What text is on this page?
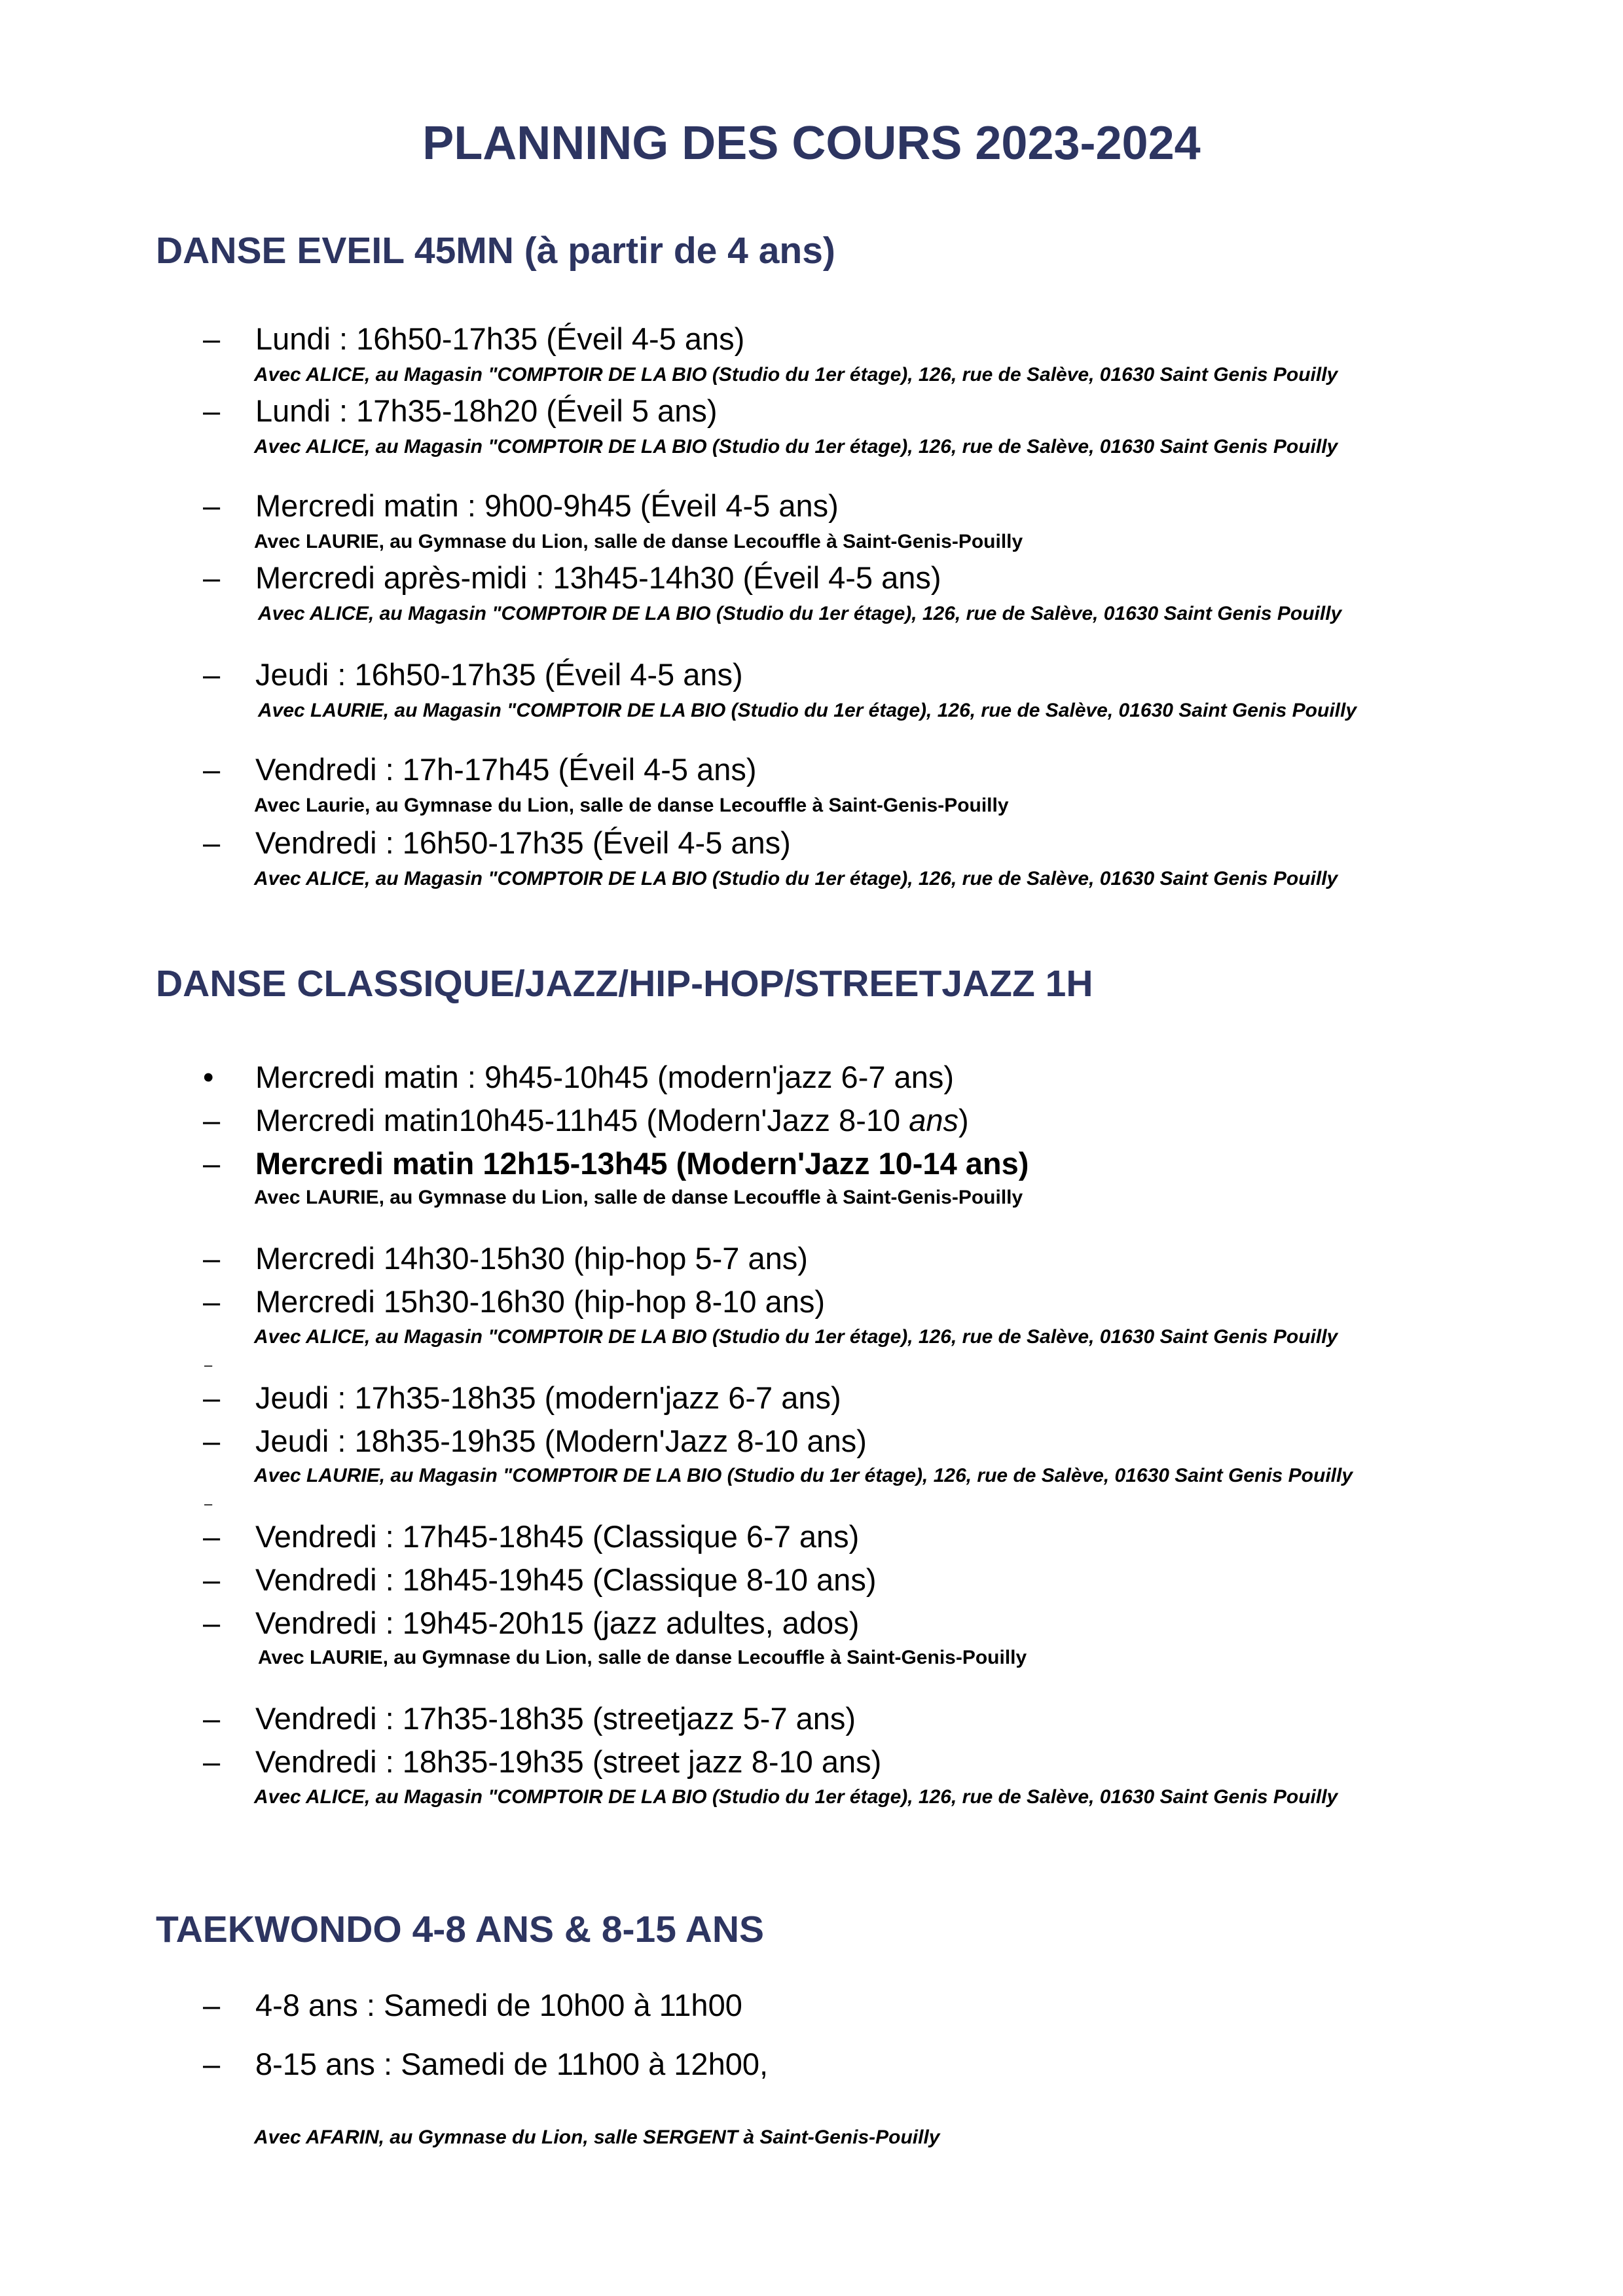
PLANNING DES COURS 2023-2024
DANSE EVEIL 45MN (à partir de 4 ans)
–	Lundi : 16h50-17h35 (Éveil 4-5 ans)
Avec ALICE, au Magasin "COMPTOIR DE LA BIO (Studio du 1er étage), 126, rue de Salève, 01630 Saint Genis Pouilly
–	Lundi : 17h35-18h20 (Éveil 5 ans)
Avec ALICE, au Magasin "COMPTOIR DE LA BIO (Studio du 1er étage), 126, rue de Salève, 01630 Saint Genis Pouilly
–	Mercredi matin : 9h00-9h45 (Éveil 4-5 ans)
Avec LAURIE, au Gymnase du Lion, salle de danse Lecouffle à Saint-Genis-Pouilly
–	Mercredi après-midi : 13h45-14h30 (Éveil 4-5 ans)
Avec ALICE, au Magasin "COMPTOIR DE LA BIO (Studio du 1er étage), 126, rue de Salève, 01630 Saint Genis Pouilly
–	Jeudi : 16h50-17h35 (Éveil 4-5 ans)
Avec LAURIE, au Magasin "COMPTOIR DE LA BIO (Studio du 1er étage), 126, rue de Salève, 01630 Saint Genis Pouilly
–	Vendredi : 17h-17h45 (Éveil 4-5 ans)
Avec Laurie, au Gymnase du Lion, salle de danse Lecouffle à Saint-Genis-Pouilly
–	Vendredi : 16h50-17h35 (Éveil 4-5 ans)
Avec ALICE, au Magasin "COMPTOIR DE LA BIO (Studio du 1er étage), 126, rue de Salève, 01630 Saint Genis Pouilly
DANSE CLASSIQUE/JAZZ/HIP-HOP/STREETJAZZ 1H
•	Mercredi matin : 9h45-10h45 (modern'jazz 6-7 ans)
–	Mercredi matin10h45-11h45 (Modern'Jazz 8-10 ans)
–	Mercredi matin 12h15-13h45 (Modern'Jazz 10-14 ans)
Avec LAURIE, au Gymnase du Lion, salle de danse Lecouffle à Saint-Genis-Pouilly
–	Mercredi 14h30-15h30 (hip-hop 5-7 ans)
–	Mercredi 15h30-16h30 (hip-hop 8-10 ans)
Avec ALICE, au Magasin "COMPTOIR DE LA BIO (Studio du 1er étage), 126, rue de Salève, 01630 Saint Genis Pouilly
–
–	Jeudi : 17h35-18h35 (modern'jazz 6-7 ans)
–	Jeudi : 18h35-19h35 (Modern'Jazz 8-10 ans)
Avec LAURIE, au Magasin "COMPTOIR DE LA BIO (Studio du 1er étage), 126, rue de Salève, 01630 Saint Genis Pouilly
–
–	Vendredi : 17h45-18h45 (Classique 6-7 ans)
–	Vendredi : 18h45-19h45 (Classique 8-10 ans)
–	Vendredi : 19h45-20h15 (jazz adultes, ados)
Avec LAURIE, au Gymnase du Lion, salle de danse Lecouffle à Saint-Genis-Pouilly
–	Vendredi : 17h35-18h35 (streetjazz 5-7 ans)
–	Vendredi : 18h35-19h35 (street jazz 8-10 ans)
Avec ALICE, au Magasin "COMPTOIR DE LA BIO (Studio du 1er étage), 126, rue de Salève, 01630 Saint Genis Pouilly
TAEKWONDO 4-8 ANS & 8-15 ANS
–	4-8 ans : Samedi de 10h00 à 11h00
–	8-15 ans : Samedi de 11h00 à 12h00,
Avec AFARIN, au Gymnase du Lion, salle SERGENT à Saint-Genis-Pouilly
